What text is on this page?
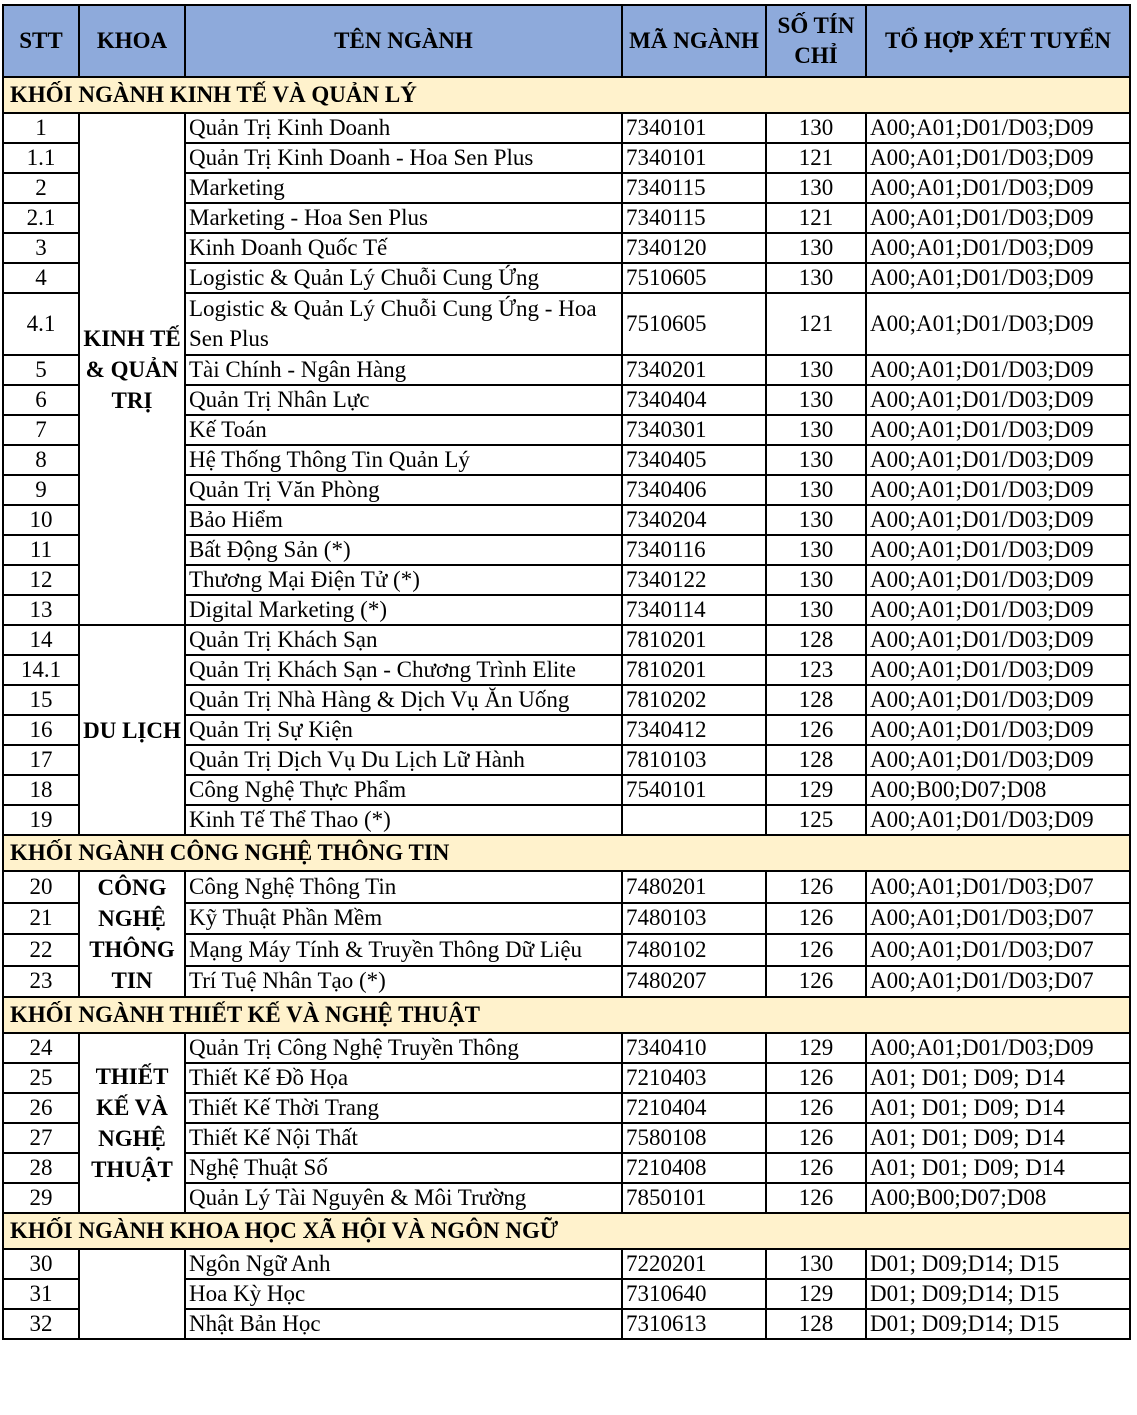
STT	KHOA	TÊN NGÀNH	MÃ NGÀNH	SỐ TÍN CHỈ	TỔ HỢP XÉT TUYỂN
KHỐI NGÀNH KINH TẾ VÀ QUẢN LÝ					
1	KINH TẾ & QUẢN TRỊ	Quản Trị Kinh Doanh	7340101	130	A00;A01;D01/D03;D09
1.1		Quản Trị Kinh Doanh - Hoa Sen Plus	7340101	121	A00;A01;D01/D03;D09
2		Marketing	7340115	130	A00;A01;D01/D03;D09
2.1		Marketing - Hoa Sen Plus	7340115	121	A00;A01;D01/D03;D09
3		Kinh Doanh Quốc Tế	7340120	130	A00;A01;D01/D03;D09
4		Logistic & Quản Lý Chuỗi Cung Ứng	7510605	130	A00;A01;D01/D03;D09
4.1		Logistic & Quản Lý Chuỗi Cung Ứng - Hoa Sen Plus	7510605	121	A00;A01;D01/D03;D09
5		Tài Chính - Ngân Hàng	7340201	130	A00;A01;D01/D03;D09
6		Quản Trị Nhân Lực	7340404	130	A00;A01;D01/D03;D09
7		Kế Toán	7340301	130	A00;A01;D01/D03;D09
8		Hệ Thống Thông Tin Quản Lý	7340405	130	A00;A01;D01/D03;D09
9		Quản Trị Văn Phòng	7340406	130	A00;A01;D01/D03;D09
10		Bảo Hiểm	7340204	130	A00;A01;D01/D03;D09
11		Bất Động Sản (*)	7340116	130	A00;A01;D01/D03;D09
12		Thương Mại Điện Tử (*)	7340122	130	A00;A01;D01/D03;D09
13		Digital Marketing (*)	7340114	130	A00;A01;D01/D03;D09
14	DU LỊCH	Quản Trị Khách Sạn	7810201	128	A00;A01;D01/D03;D09
14.1		Quản Trị Khách Sạn - Chương Trình Elite	7810201	123	A00;A01;D01/D03;D09
15		Quản Trị Nhà Hàng & Dịch Vụ Ăn Uống	7810202	128	A00;A01;D01/D03;D09
16		Quản Trị Sự Kiện	7340412	126	A00;A01;D01/D03;D09
17		Quản Trị Dịch Vụ Du Lịch Lữ Hành	7810103	128	A00;A01;D01/D03;D09
18		Công Nghệ Thực Phẩm	7540101	129	A00;B00;D07;D08
19		Kinh Tế Thể Thao (*)		125	A00;A01;D01/D03;D09
KHỐI NGÀNH CÔNG NGHỆ THÔNG TIN					
20	CÔNG NGHỆ THÔNG TIN	Công Nghệ Thông Tin	7480201	126	A00;A01;D01/D03;D07
21		Kỹ Thuật Phần Mềm	7480103	126	A00;A01;D01/D03;D07
22		Mạng Máy Tính & Truyền Thông Dữ Liệu	7480102	126	A00;A01;D01/D03;D07
23		Trí Tuệ Nhân Tạo (*)	7480207	126	A00;A01;D01/D03;D07
KHỐI NGÀNH THIẾT KẾ VÀ NGHỆ THUẬT					
24	THIẾT KẾ VÀ NGHỆ THUẬT	Quản Trị Công Nghệ Truyền Thông	7340410	129	A00;A01;D01/D03;D09
25		Thiết Kế Đồ Họa	7210403	126	A01; D01; D09; D14
26		Thiết Kế Thời Trang	7210404	126	A01; D01; D09; D14
27		Thiết Kế Nội Thất	7580108	126	A01; D01; D09; D14
28		Nghệ Thuật Số	7210408	126	A01; D01; D09; D14
29		Quản Lý Tài Nguyên & Môi Trường	7850101	126	A00;B00;D07;D08
KHỐI NGÀNH KHOA HỌC XÃ HỘI VÀ NGÔN NGỮ					
30		Ngôn Ngữ Anh	7220201	130	D01; D09;D14; D15
31		Hoa Kỳ Học	7310640	129	D01; D09;D14; D15
32		Nhật Bản Học	7310613	128	D01; D09;D14; D15
